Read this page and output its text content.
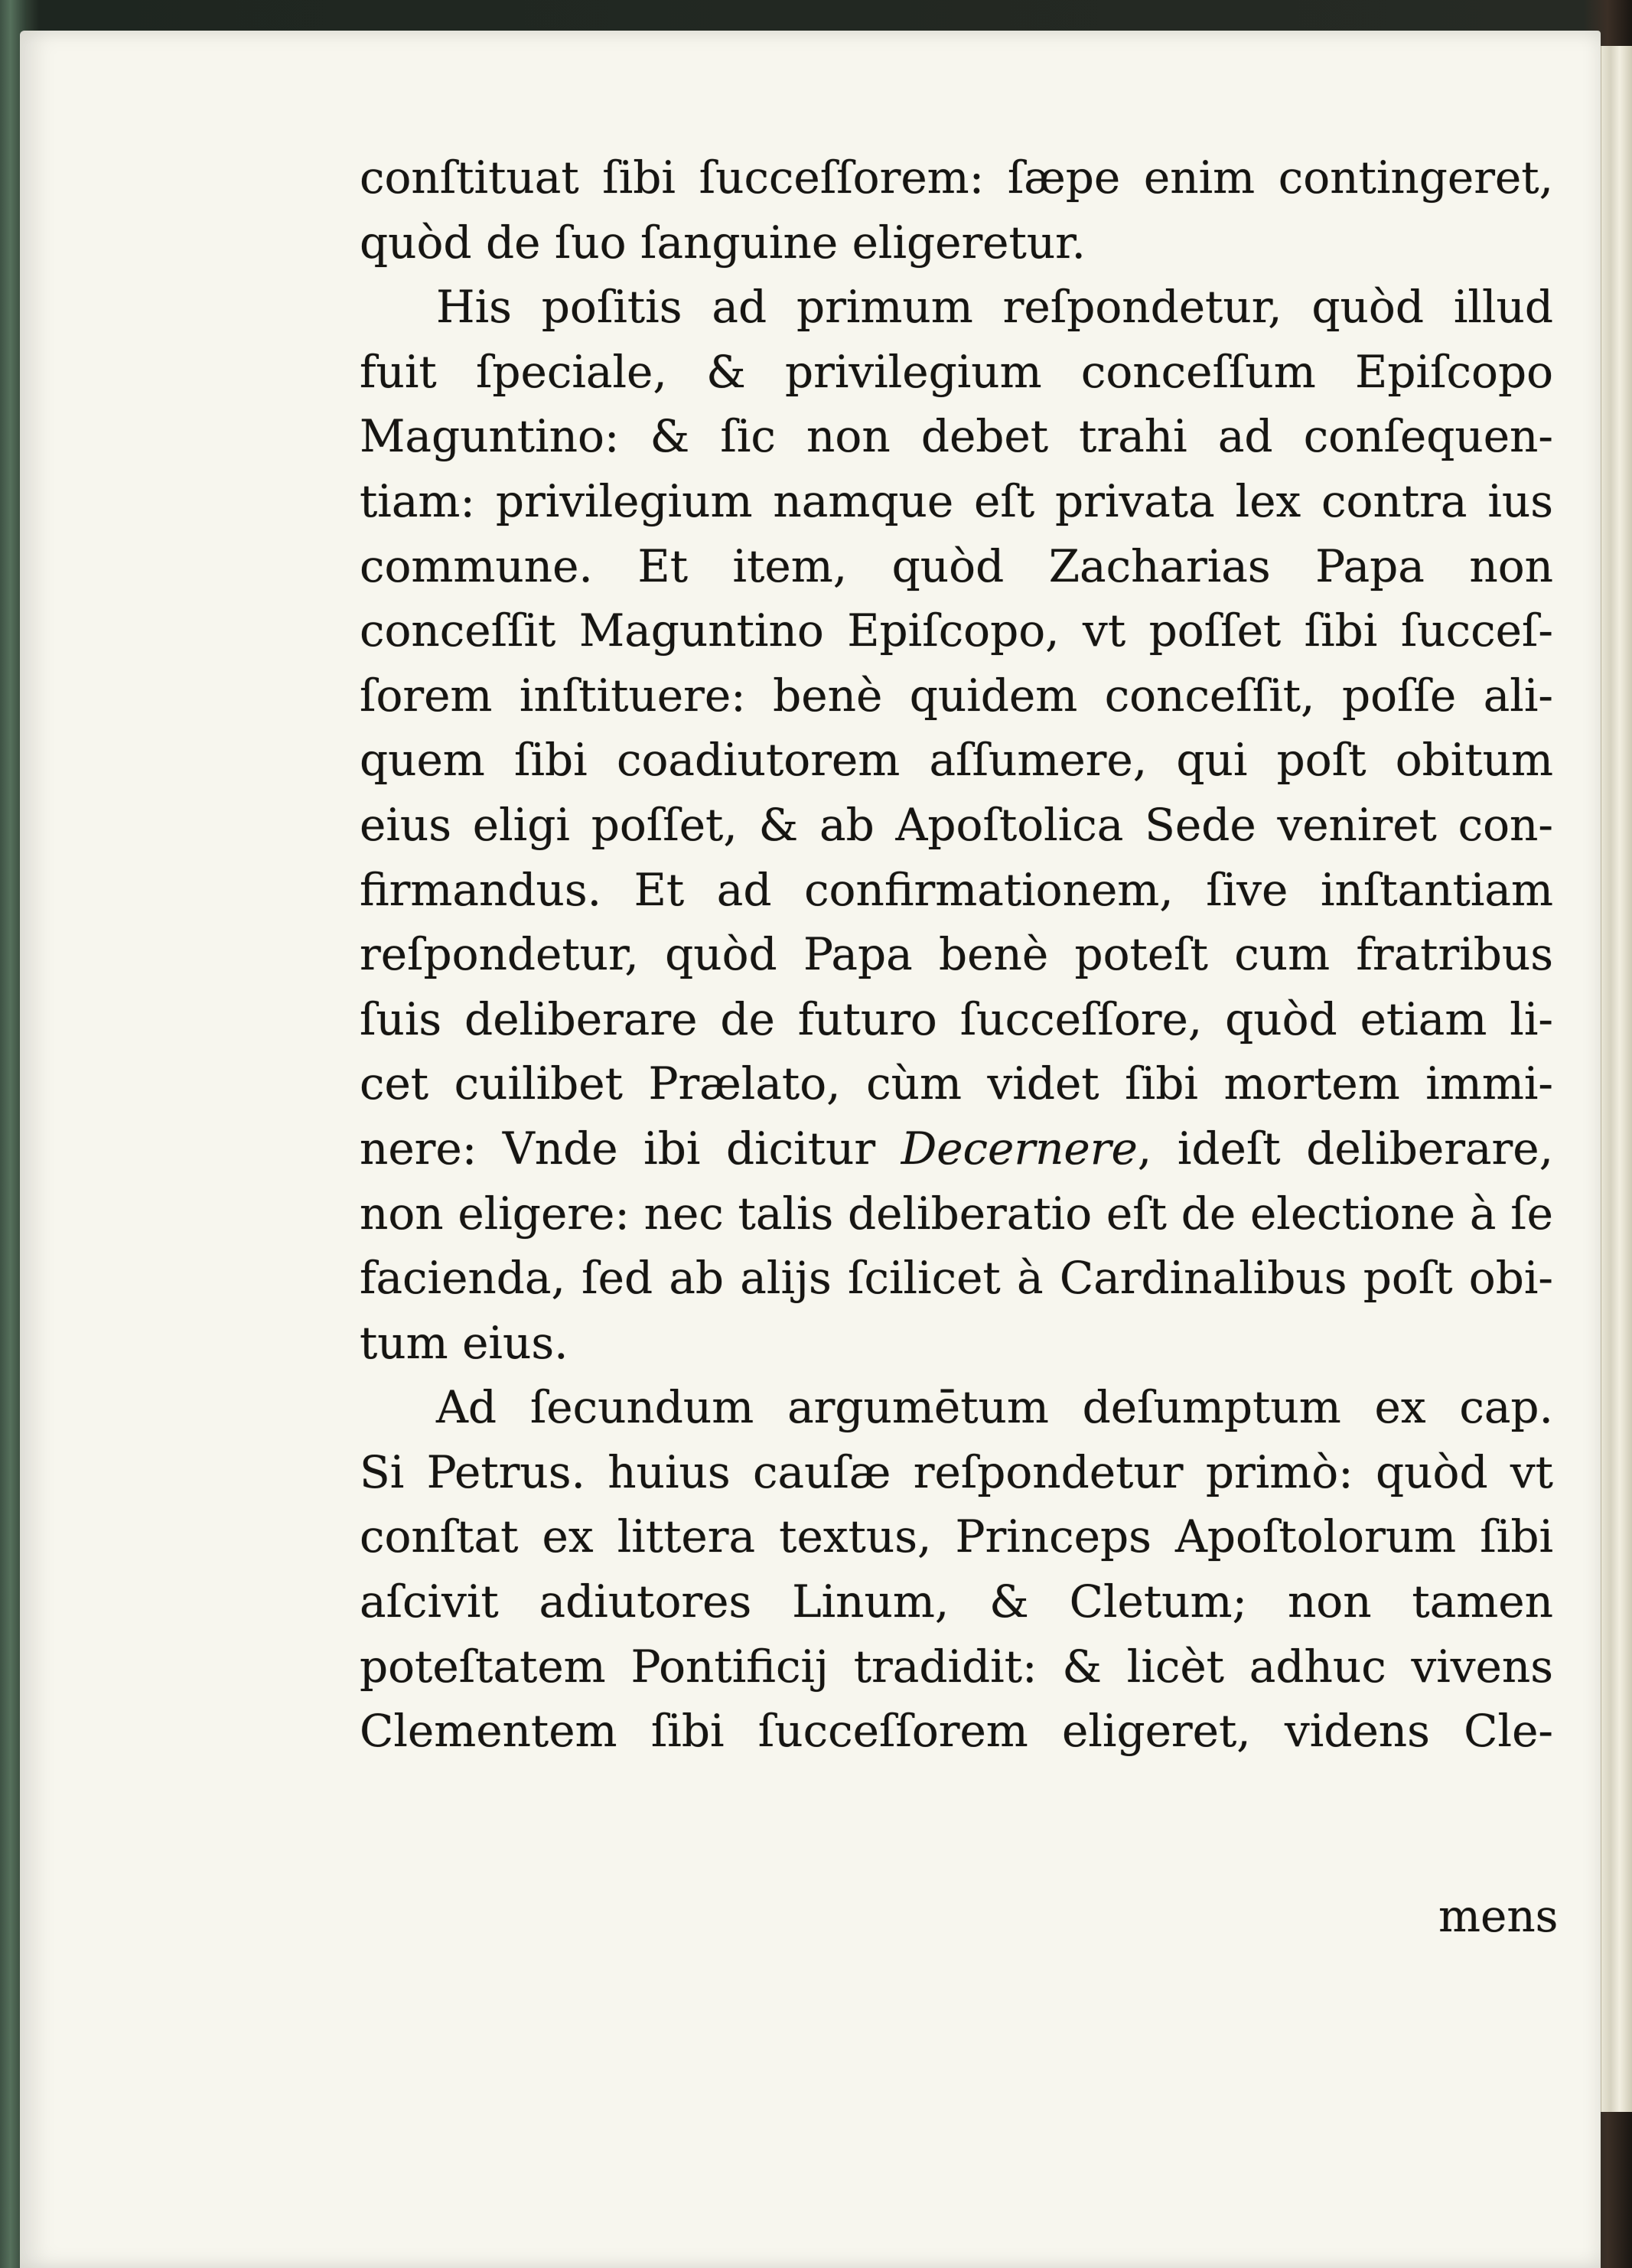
conſtituat ſibi ſucceſſorem: ſæpe enim contingeret,
quòd de ſuo ſanguine eligeretur.
His poſitis ad primum reſpondetur, quòd illud
fuit ſpeciale, & privilegium conceſſum Epiſcopo
Maguntino: & ſic non debet trahi ad conſequen-
tiam: privilegium namque eſt privata lex contra ius
commune. Et item, quòd Zacharias Papa non
conceſſit Maguntino Epiſcopo, vt poſſet ſibi ſucceſ-
ſorem inſtituere: benè quidem conceſſit, poſſe ali-
quem ſibi coadiutorem aſſumere, qui poſt obitum
eius eligi poſſet, & ab Apoſtolica Sede veniret con-
firmandus. Et ad confirmationem, ſive inſtantiam
reſpondetur, quòd Papa benè poteſt cum fratribus
ſuis deliberare de futuro ſucceſſore, quòd etiam li-
cet cuilibet Prælato, cùm videt ſibi mortem immi-
nere: Vnde ibi dicitur Decernere, ideſt deliberare,
non eligere: nec talis deliberatio eſt de electione à ſe
facienda, ſed ab alijs ſcilicet à Cardinalibus poſt obi-
tum eius.
Ad ſecundum argumētum deſumptum ex cap.
Si Petrus. huius cauſæ reſpondetur primò: quòd vt
conſtat ex littera textus, Princeps Apoſtolorum ſibi
aſcivit adiutores Linum, & Cletum; non tamen
poteſtatem Pontificij tradidit: & licèt adhuc vivens
Clementem ſibi ſucceſſorem eligeret, videns Cle-
mens
